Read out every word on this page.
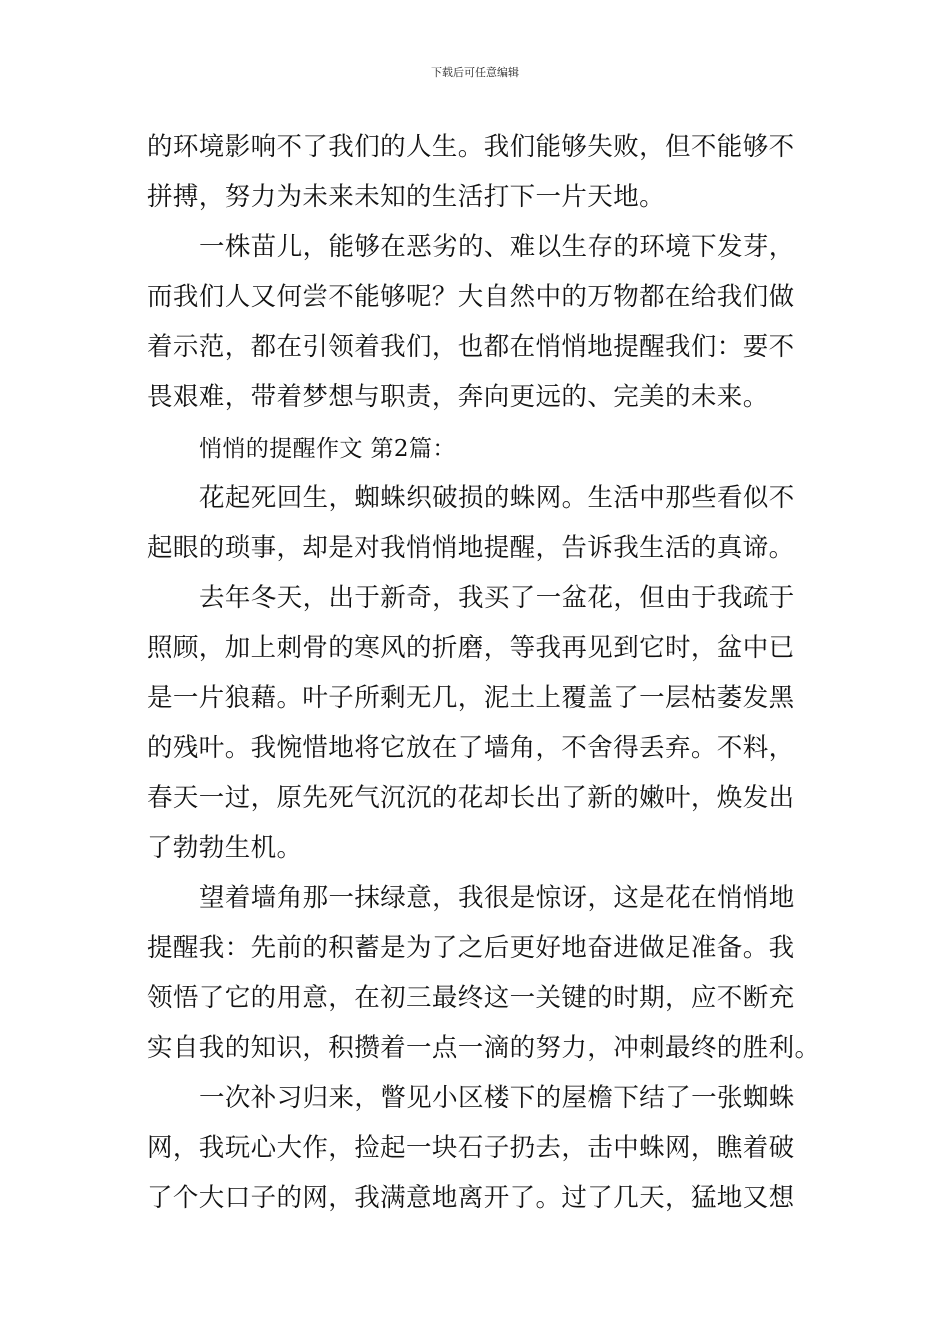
下载后可任意编辑
的环境影响不了我们的人生。我们能够失败，但不能够不
拼搏，努力为未来未知的生活打下一片天地。
一株苗儿，能够在恶劣的、难以生存的环境下发芽，
而我们人又何尝不能够呢？大自然中的万物都在给我们做
着示范，都在引领着我们，也都在悄悄地提醒我们：要不
畏艰难，带着梦想与职责，奔向更远的、完美的未来。
悄悄的提醒作文 第2篇：
花起死回生，蜘蛛织破损的蛛网。生活中那些看似不
起眼的琐事，却是对我悄悄地提醒，告诉我生活的真谛。
去年冬天，出于新奇，我买了一盆花，但由于我疏于
照顾，加上刺骨的寒风的折磨，等我再见到它时，盆中已
是一片狼藉。叶子所剩无几，泥土上覆盖了一层枯萎发黑
的残叶。我惋惜地将它放在了墙角，不舍得丢弃。不料，
春天一过，原先死气沉沉的花却长出了新的嫩叶，焕发出
了勃勃生机。
望着墙角那一抹绿意，我很是惊讶，这是花在悄悄地
提醒我：先前的积蓄是为了之后更好地奋进做足准备。我
领悟了它的用意，在初三最终这一关键的时期，应不断充
实自我的知识，积攒着一点一滴的努力，冲刺最终的胜利。
一次补习归来，瞥见小区楼下的屋檐下结了一张蜘蛛
网，我玩心大作，捡起一块石子扔去，击中蛛网，瞧着破
了个大口子的网，我满意地离开了。过了几天，猛地又想
